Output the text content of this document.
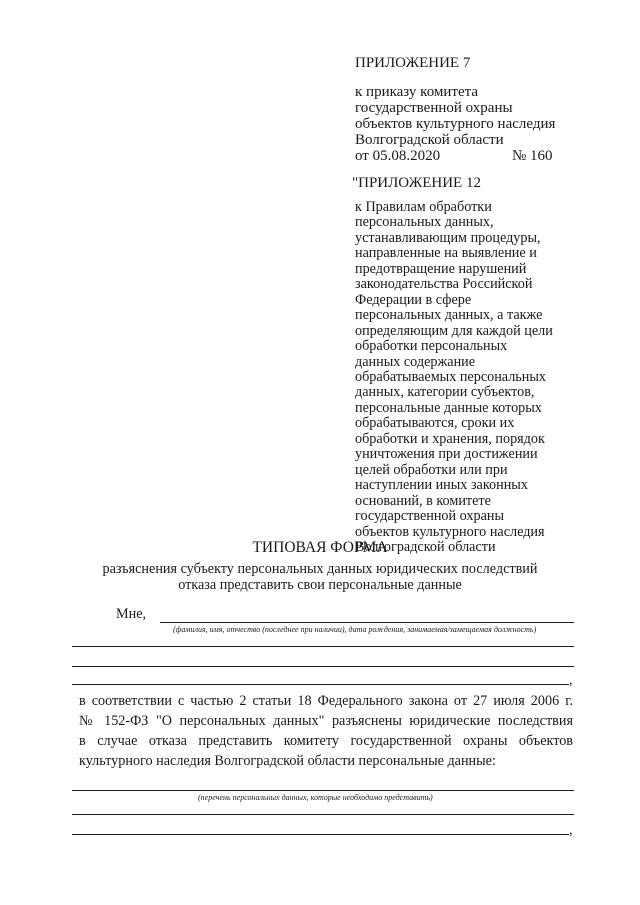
ПРИЛОЖЕНИЕ 7
к приказу комитета
государственной охраны
объектов культурного наследия
Волгоградской области
от 05.08.2020	№ 160
"ПРИЛОЖЕНИЕ 12
к Правилам обработки
персональных данных,
устанавливающим процедуры,
направленные на выявление и
предотвращение нарушений
законодательства Российской
Федерации в сфере
персональных данных, а также
определяющим для каждой цели
обработки персональных
данных содержание
обрабатываемых персональных
данных, категории субъектов,
персональные данные которых
обрабатываются, сроки их
обработки и хранения, порядок
уничтожения при достижении
целей обработки или при
наступлении иных законных
оснований, в комитете
государственной охраны
объектов культурного наследия
Волгоградской области
ТИПОВАЯ ФОРМА
разъяснения субъекту персональных данных юридических последствий
отказа представить свои персональные данные
Мне,
(фамилия, имя, отчество (последнее при наличии), дата рождения, занимаемая/замещаемая должность)
,
в соответствии с частью 2 статьи 18 Федерального закона от 27 июля 2006 г.
№ 152-ФЗ "О персональных данных" разъяснены юридические последствия
в случае отказа представить комитету государственной охраны объектов
культурного наследия Волгоградской области персональные данные:
(перечень персональных данных, которые необходимо представить)
,
